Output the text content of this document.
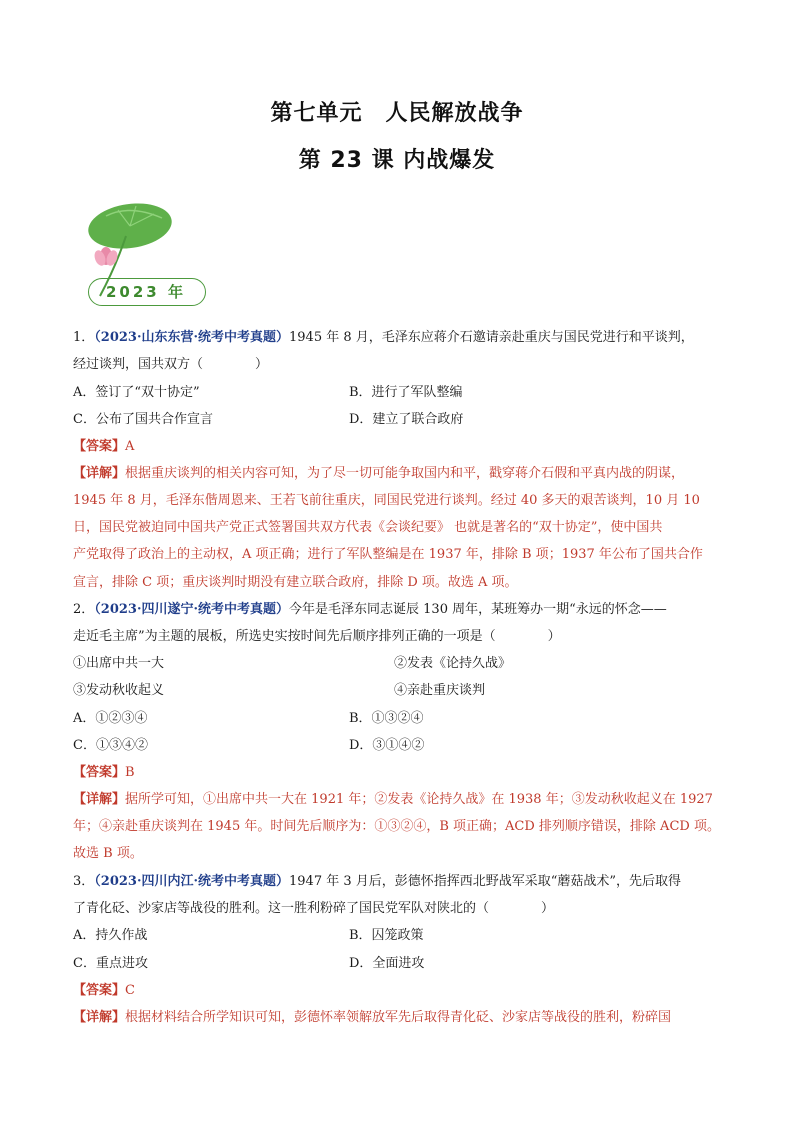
第七单元　人民解放战争
第 23 课 内战爆发
2023 年
1．（2023·山东东营·统考中考真题）1945 年 8 月，毛泽东应蒋介石邀请亲赴重庆与国民党进行和平谈判，
经过谈判，国共双方（　　　　）
A．签订了“双十协定”	B．进行了军队整编
C．公布了国共合作宣言	D．建立了联合政府
【答案】A
【详解】根据重庆谈判的相关内容可知，为了尽一切可能争取国内和平，戳穿蒋介石假和平真内战的阴谋，
1945 年 8 月，毛泽东偕周恩来、王若飞前往重庆，同国民党进行谈判。经过 40 多天的艰苦谈判，10 月 10
日，国民党被迫同中国共产党正式签署国共双方代表《会谈纪要》 也就是著名的“双十协定”，使中国共
产党取得了政治上的主动权，A 项正确；进行了军队整编是在 1937 年，排除 B 项；1937 年公布了国共合作
宣言，排除 C 项；重庆谈判时期没有建立联合政府，排除 D 项。故选 A 项。
2．（2023·四川遂宁·统考中考真题）今年是毛泽东同志诞辰 130 周年，某班筹办一期“永远的怀念——
走近毛主席”为主题的展板，所选史实按时间先后顺序排列正确的一项是（　　　　）
①出席中共一大	②发表《论持久战》
③发动秋收起义	④亲赴重庆谈判
A．①②③④	B．①③②④
C．①③④②	D．③①④②
【答案】B
【详解】据所学可知，①出席中共一大在 1921 年；②发表《论持久战》在 1938 年；③发动秋收起义在 1927
年；④亲赴重庆谈判在 1945 年。时间先后顺序为：①③②④，B 项正确；ACD 排列顺序错误，排除 ACD 项。
故选 B 项。
3．（2023·四川内江·统考中考真题）1947 年 3 月后，彭德怀指挥西北野战军采取“蘑菇战术”，先后取得
了青化砭、沙家店等战役的胜利。这一胜利粉碎了国民党军队对陕北的（　　　　）
A．持久作战	B．囚笼政策
C．重点进攻	D．全面进攻
【答案】C
【详解】根据材料结合所学知识可知，彭德怀率领解放军先后取得青化砭、沙家店等战役的胜利，粉碎国
